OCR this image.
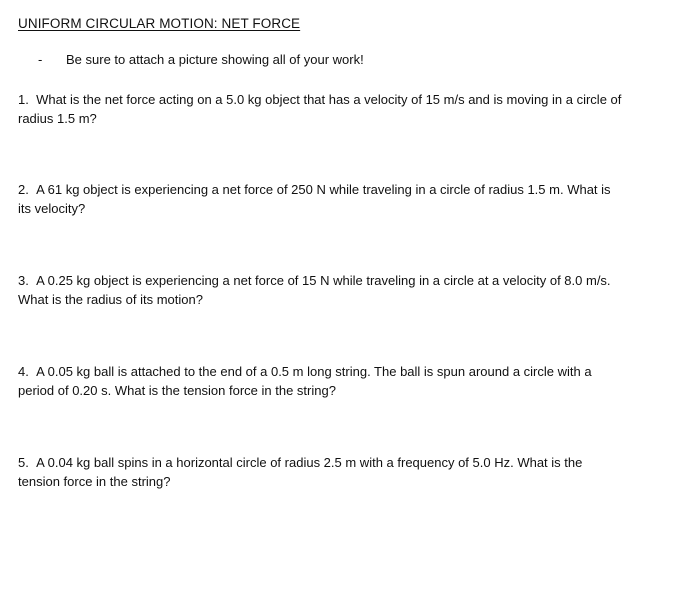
UNIFORM CIRCULAR MOTION: NET FORCE
-	Be sure to attach a picture showing all of your work!
1. What is the net force acting on a 5.0 kg object that has a velocity of 15 m/s and is moving in a circle of
radius 1.5 m?
2. A 61 kg object is experiencing a net force of 250 N while traveling in a circle of radius 1.5 m. What is
its velocity?
3. A 0.25 kg object is experiencing a net force of 15 N while traveling in a circle at a velocity of 8.0 m/s.
What is the radius of its motion?
4. A 0.05 kg ball is attached to the end of a 0.5 m long string. The ball is spun around a circle with a
period of 0.20 s. What is the tension force in the string?
5. A 0.04 kg ball spins in a horizontal circle of radius 2.5 m with a frequency of 5.0 Hz. What is the
tension force in the string?
